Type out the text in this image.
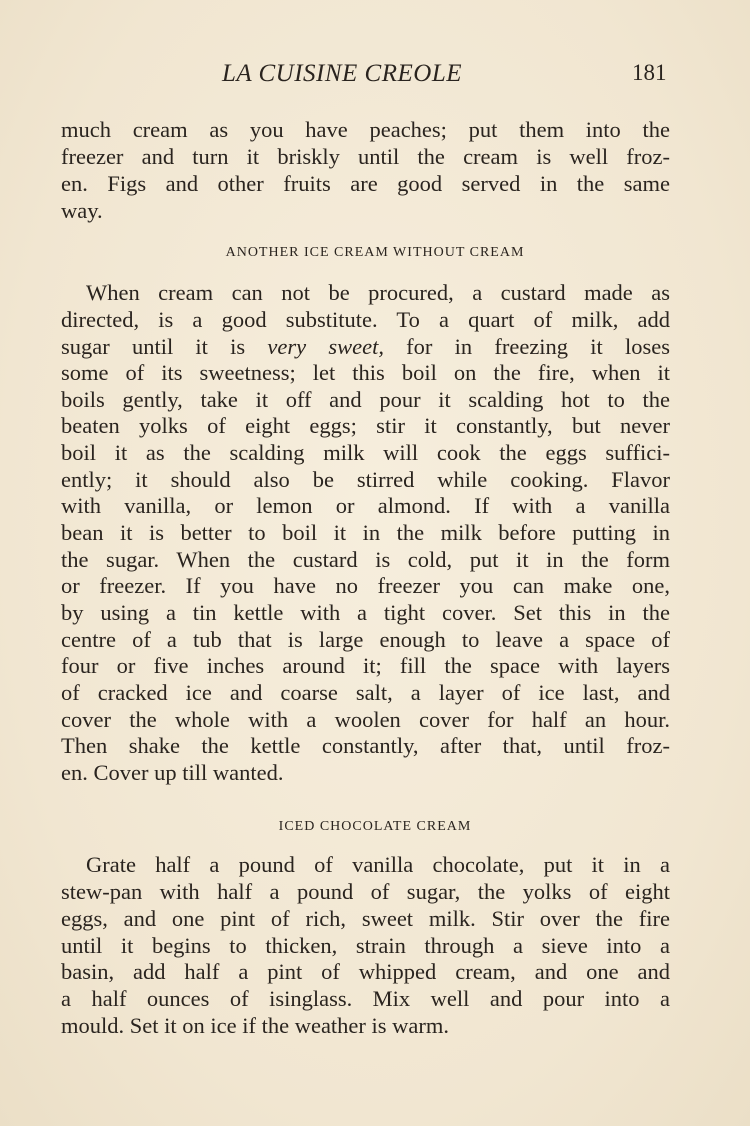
LA CUISINE CREOLE	181
much cream as you have peaches; put them into the
freezer and turn it briskly until the cream is well froz-
en. Figs and other fruits are good served in the same
way.
ANOTHER ICE CREAM WITHOUT CREAM
When cream can not be procured, a custard made as
directed, is a good substitute. To a quart of milk, add
sugar until it is very sweet, for in freezing it loses
some of its sweetness; let this boil on the fire, when it
boils gently, take it off and pour it scalding hot to the
beaten yolks of eight eggs; stir it constantly, but never
boil it as the scalding milk will cook the eggs suffici-
ently; it should also be stirred while cooking. Flavor
with vanilla, or lemon or almond. If with a vanilla
bean it is better to boil it in the milk before putting in
the sugar. When the custard is cold, put it in the form
or freezer. If you have no freezer you can make one,
by using a tin kettle with a tight cover. Set this in the
centre of a tub that is large enough to leave a space of
four or five inches around it; fill the space with layers
of cracked ice and coarse salt, a layer of ice last, and
cover the whole with a woolen cover for half an hour.
Then shake the kettle constantly, after that, until froz-
en. Cover up till wanted.
ICED CHOCOLATE CREAM
Grate half a pound of vanilla chocolate, put it in a
stew-pan with half a pound of sugar, the yolks of eight
eggs, and one pint of rich, sweet milk. Stir over the fire
until it begins to thicken, strain through a sieve into a
basin, add half a pint of whipped cream, and one and
a half ounces of isinglass. Mix well and pour into a
mould. Set it on ice if the weather is warm.
